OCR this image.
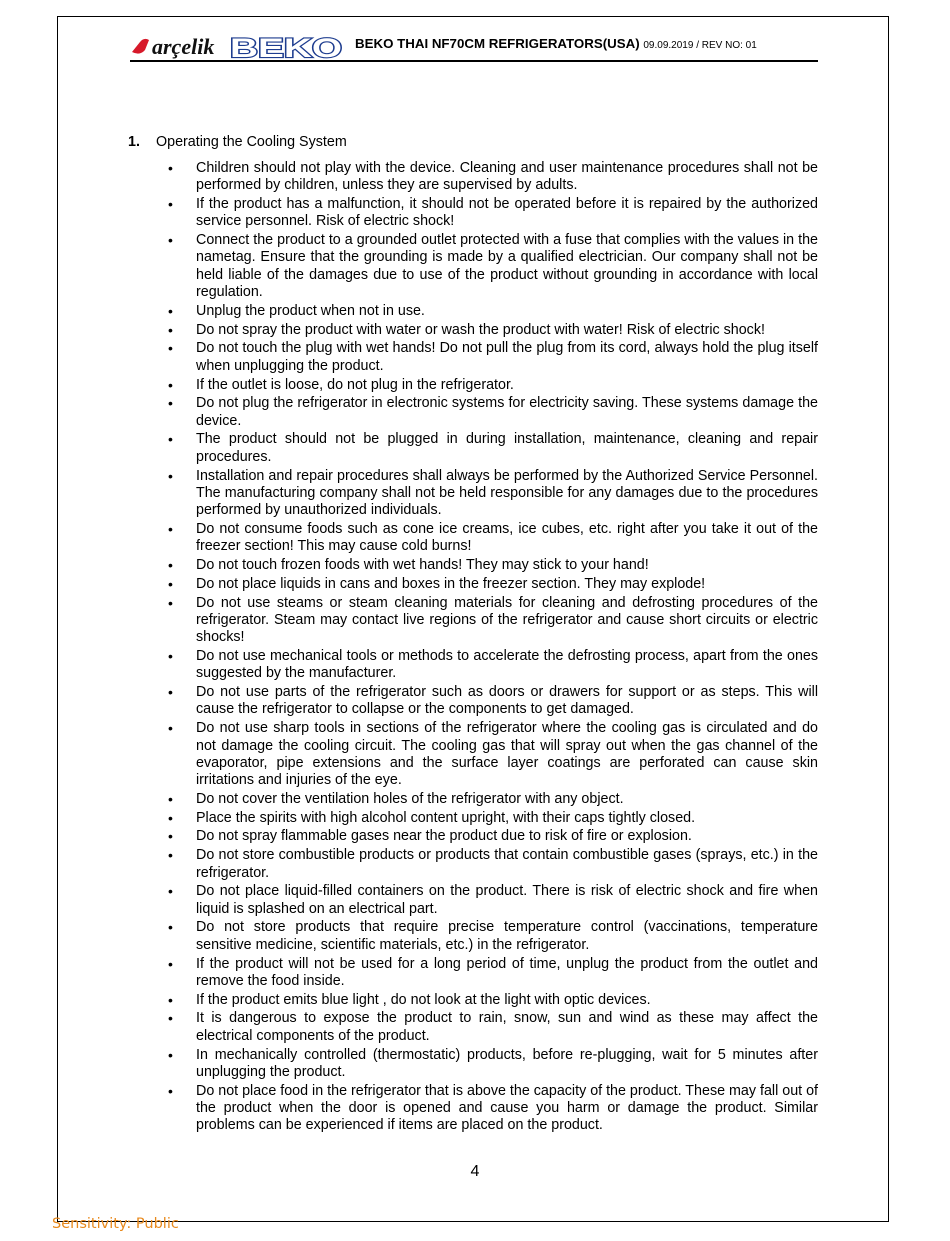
arçelik BEKO BEKO THAI NF70CM REFRIGERATORS(USA) 09.09.2019 / REV NO: 01
1.	Operating the Cooling System
• Children should not play with the device. Cleaning and user maintenance procedures shall not be performed by children, unless they are supervised by adults.
• If the product has a malfunction, it should not be operated before it is repaired by the authorized service personnel. Risk of electric shock!
• Connect the product to a grounded outlet protected with a fuse that complies with the values in the nametag. Ensure that the grounding is made by a qualified electrician. Our company shall not be held liable of the damages due to use of the product without grounding in accordance with local regulation.
• Unplug the product when not in use.
• Do not spray the product with water or wash the product with water! Risk of electric shock!
• Do not touch the plug with wet hands! Do not pull the plug from its cord, always hold the plug itself when unplugging the product.
• If the outlet is loose, do not plug in the refrigerator.
• Do not plug the refrigerator in electronic systems for electricity saving. These systems damage the device.
• The product should not be plugged in during installation, maintenance, cleaning and repair procedures.
• Installation and repair procedures shall always be performed by the Authorized Service Personnel. The manufacturing company shall not be held responsible for any damages due to the procedures performed by unauthorized individuals.
• Do not consume foods such as cone ice creams, ice cubes, etc. right after you take it out of the freezer section! This may cause cold burns!
• Do not touch frozen foods with wet hands! They may stick to your hand!
• Do not place liquids in cans and boxes in the freezer section. They may explode!
• Do not use steams or steam cleaning materials for cleaning and defrosting procedures of the refrigerator. Steam may contact live regions of the refrigerator and cause short circuits or electric shocks!
• Do not use mechanical tools or methods to accelerate the defrosting process, apart from the ones suggested by the manufacturer.
• Do not use parts of the refrigerator such as doors or drawers for support or as steps. This will cause the refrigerator to collapse or the components to get damaged.
• Do not use sharp tools in sections of the refrigerator where the cooling gas is circulated and do not damage the cooling circuit. The cooling gas that will spray out when the gas channel of the evaporator, pipe extensions and the surface layer coatings are perforated can cause skin irritations and injuries of the eye.
• Do not cover the ventilation holes of the refrigerator with any object.
• Place the spirits with high alcohol content upright, with their caps tightly closed.
• Do not spray flammable gases near the product due to risk of fire or explosion.
• Do not store combustible products or products that contain combustible gases (sprays, etc.) in the refrigerator.
• Do not place liquid-filled containers on the product. There is risk of electric shock and fire when liquid is splashed on an electrical part.
• Do not store products that require precise temperature control (vaccinations, temperature sensitive medicine, scientific materials, etc.) in the refrigerator.
• If the product will not be used for a long period of time, unplug the product from the outlet and remove the food inside.
• If the product emits blue light , do not look at the light with optic devices.
• It is dangerous to expose the product to rain, snow, sun and wind as these may affect the electrical components of the product.
• In mechanically controlled (thermostatic) products, before re-plugging, wait for 5 minutes after unplugging the product.
• Do not place food in the refrigerator that is above the capacity of the product. These may fall out of the product when the door is opened and cause you harm or damage the product. Similar problems can be experienced if items are placed on the product.
4
Sensitivity: Public
